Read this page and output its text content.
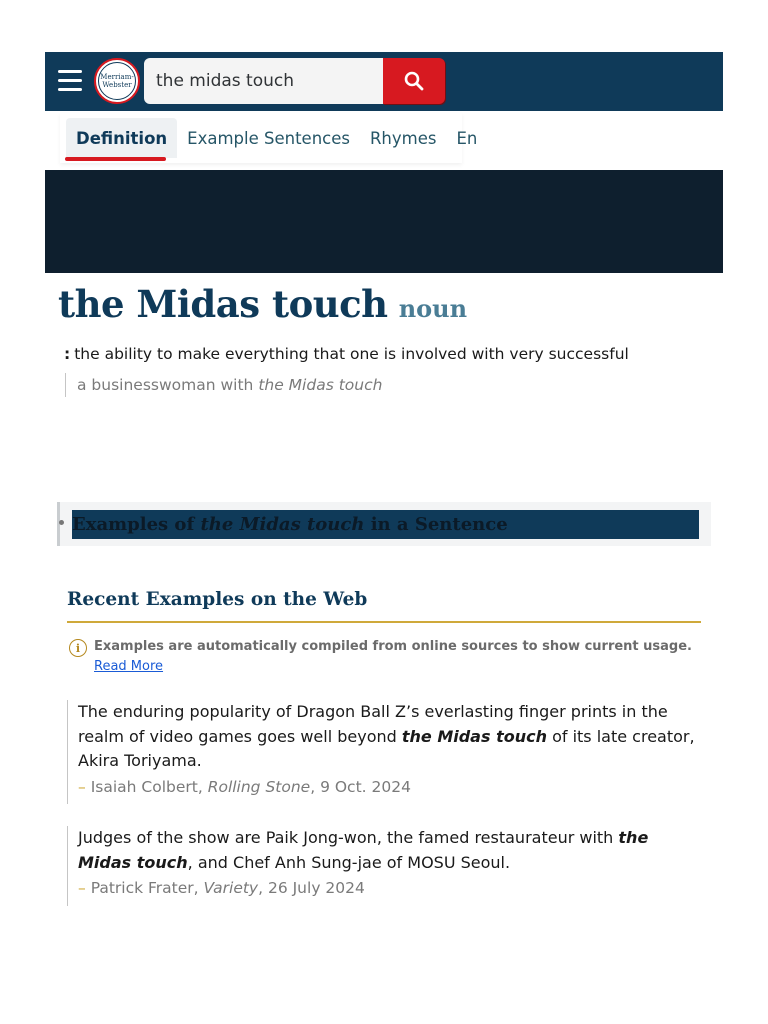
Merriam-
Webster
the midas touch
Definition	Example Sentences	Rhymes	En
the Midas touch noun
: the ability to make everything that one is involved with very successful
a businesswoman with the Midas touch
Examples of the Midas touch in a Sentence
Recent Examples on the Web
i	Examples are automatically compiled from online sources to show current usage.
Read More
The enduring popularity of Dragon Ball Z’s everlasting finger prints in the realm of video games goes well beyond the Midas touch of its late creator, Akira Toriyama.
– Isaiah Colbert, Rolling Stone, 9 Oct. 2024
Judges of the show are Paik Jong-won, the famed restaurateur with the Midas touch, and Chef Anh Sung-jae of MOSU Seoul.
– Patrick Frater, Variety, 26 July 2024
